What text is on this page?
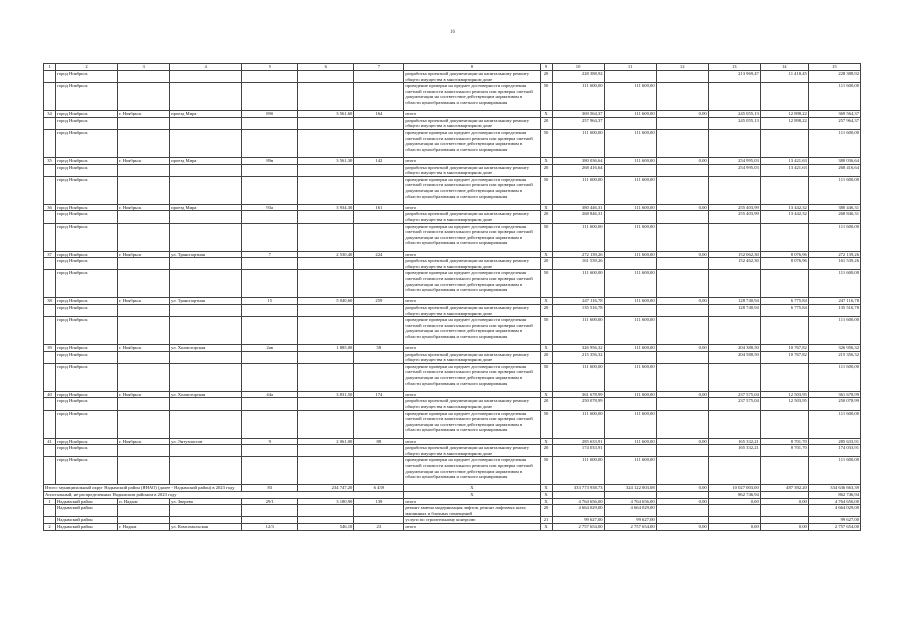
16
1	2	3	4	5	6	7	8	9	10	11	12	13	14	15
	город Ноябрьск						разработка проектной документации на капитальному ремонту общего имущества в многоквартирном доме	20	228 388,92			213 969,47	11 418,45	228 388,92
	город Ноябрьск						проведение проверки на предмет достоверности определения сметной стоимости капитального ремонта или проверка сметной документации на соответствие действующим нормативам в области ценообразования и сметного нормирования	50	111 600,00	111 600,00				111 600,00
34	город Ноябрьск	г. Ноябрьск	проезд Мира	89б	3 561,60	164	итого	X	369 564,37	111 600,00	0,00	245 055,13	12 898,22	369 564,37
	город Ноябрьск						разработка проектной документации на капитальному ремонту общего имущества в многоквартирном доме	20	257 964,37			245 055,13	12 898,22	257 964,37
	город Ноябрьск						проведение проверки на предмет достоверности определения сметной стоимости капитального ремонта или проверка сметной документации на соответствие действующим нормативам в области ценообразования и сметного нормирования	50	111 600,00	111 600,00				111 600,00
35	город Ноябрьск	г. Ноябрьск	проезд Мира	89в	3 561,30	142	итого	X	380 036,64	111 600,00	0,00	254 995,03	13 421,63	380 036,64
	город Ноябрьск						разработка проектной документации на капитальному ремонту общего имущества в многоквартирном доме	20	268 416,64			254 995,03	13 421,63	268 416,64
	город Ноябрьск						проведение проверки на предмет достоверности определения сметной стоимости капитального ремонта или проверка сметной документации на соответствие действующим нормативам в области ценообразования и сметного нормирования	50	111 600,00	111 600,00				111 600,00
36	город Ноябрьск	г. Ноябрьск	проезд Мира	93а	3 934,30	161	итого	X	380 446,31	111 600,00	0,00	255 403,99	13 442,32	380 446,31
	город Ноябрьск						разработка проектной документации на капитальному ремонту общего имущества в многоквартирном доме	20	268 846,31			255 403,99	13 442,32	268 846,31
	город Ноябрьск						проведение проверки на предмет достоверности определения сметной стоимости капитального ремонта или проверка сметной документации на соответствие действующим нормативам в области ценообразования и сметного нормирования	50	111 600,00	111 600,00				111 600,00
37	город Ноябрьск	г. Ноябрьск	ул. Транспортная	7	2 530,40	224	итого	X	272 139,26	111 600,00	0,00	152 062,30	8 076,96	272 139,26
	город Ноябрьск						разработка проектной документации на капитальному ремонту общего имущества в многоквартирном доме	20	161 539,26			152 462,30	8 076,96	161 539,26
	город Ноябрьск						проведение проверки на предмет достоверности определения сметной стоимости капитального ремонта или проверка сметной документации на соответствие действующим нормативам в области ценообразования и сметного нормирования	50	111 600,00	111 600,00				111 600,00
38	город Ноябрьск	г. Ноябрьск	ул. Транспортная	15	5 040,60	259	итого	X	247 116,78	111 600,00	0,00	128 740,94	6 775,84	247 116,78
	город Ноябрьск						разработка проектной документации на капитальному ремонту общего имущества в многоквартирном доме	20	135 516,78			128 740,94	6 775,84	135 516,78
	город Ноябрьск						проведение проверки на предмет достоверности определения сметной стоимости капитального ремонта или проверка сметной документации на соответствие действующим нормативам в области ценообразования и сметного нормирования	50	111 600,00	111 600,00				111 600,00
39	город Ноябрьск	г. Ноябрьск	ул. Холмогорская	2ав	1 885,00	58	итого	X	326 956,32	111 600,00	0,00	204 388,50	10 767,82	326 956,32
	город Ноябрьск						разработка проектной документации на капитальному ремонту общего имущества в многоквартирном доме	20	215 356,32			204 588,50	10 767,82	215 356,32
	город Ноябрьск						проведение проверки на предмет достоверности определения сметной стоимости капитального ремонта или проверка сметной документации на соответствие действующим нормативам в области ценообразования и сметного нормирования	50	111 600,00	111 600,00				111 600,00
40	город Ноябрьск	г. Ноябрьск	ул. Холмогорская	44а	3 831,50	174	итого	X	361 678,99	111 600,00	0,00	237 575,04	12 503,95	361 678,99
	город Ноябрьск						разработка проектной документации на капитальному ремонту общего имущества в многоквартирном доме	20	250 078,99			237 575,04	12 503,95	250 078,99
	город Ноябрьск						проведение проверки на предмет достоверности определения сметной стоимости капитального ремонта или проверка сметной документации на соответствие действующим нормативам в области ценообразования и сметного нормирования	50	111 600,00	111 600,00				111 600,00
41	город Ноябрьск	г. Ноябрьск	ул. Энтузиастов	9	2 061,00	88	итого	X	285 633,91	111 600,00	0,00	165 332,21	8 701,70	285 633,91
	город Ноябрьск						разработка проектной документации на капитальному ремонту общего имущества в многоквартирном доме	20	174 033,91			165 332,21	8 701,70	174 033,91
	город Ноябрьск						проведение проверки на предмет достоверности определения сметной стоимости капитального ремонта или проверка сметной документации на соответствие действующим нормативам в области ценообразования и сметного нормирования	50	111 600,00	111 600,00				111 600,00
Итого: муниципальный округ Надымский район (ЯНАО) (далее - Надымский район) в 2023 году				83	234 747,20	6 439	X	X	333 773 938,73	324 122 003,08	0,00	10 027 003,00	487 392,20	334 636 663,39
Асистальный, не распределенных Надымском районом в 2023 году							X	X				862 746,94		862 746,94
1	Надымский район	п. Надым	ул. Зверева	29/1	3 180,90	139	итого	X	4 764 656,00	4 764 656,00	0,00	0,00	0,00	4 764 656,00
	Надымский район						ремонт замена модернизация лифтов, ремонт лифтовых шахт, машинных и блочных помещений	20	4 664 029,00	4 664 029,00				4 664 029,00
	Надымский район						услуги по строительному контролю	21	99 627,00	99 627,00				99 627,00
2	Надымский район	г. Надым	ул. Комсомольская	12/3	546,10	23	итого	X	2 757 654,00	2 757 654,00	0,00	0,00	0,00	2 757 654,00
